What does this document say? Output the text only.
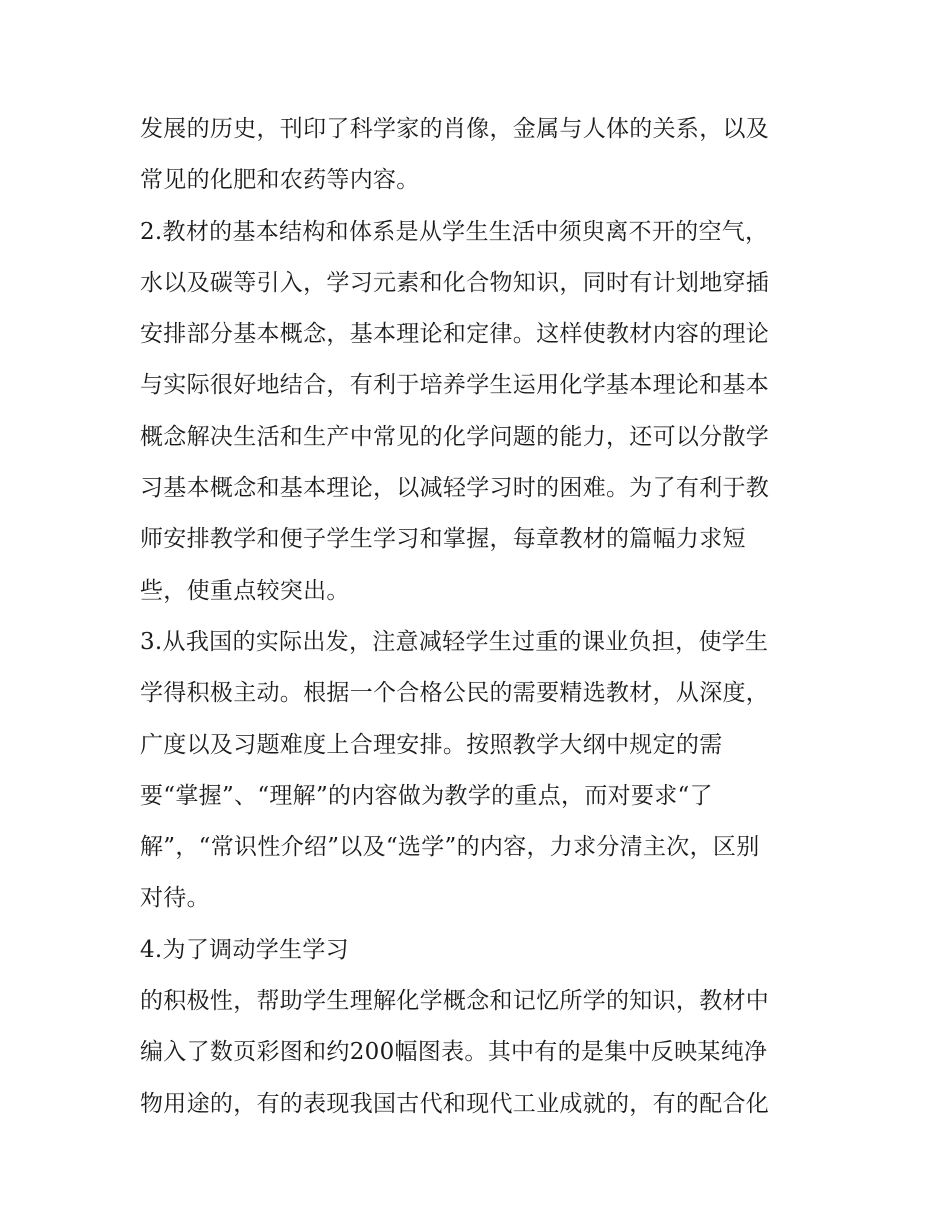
发展的历史，刊印了科学家的肖像，金属与人体的关系，以及
常见的化肥和农药等内容。
2.教材的基本结构和体系是从学生生活中须臾离不开的空气，
水以及碳等引入，学习元素和化合物知识，同时有计划地穿插
安排部分基本概念，基本理论和定律。这样使教材内容的理论
与实际很好地结合，有利于培养学生运用化学基本理论和基本
概念解决生活和生产中常见的化学问题的能力，还可以分散学
习基本概念和基本理论，以减轻学习时的困难。为了有利于教
师安排教学和便子学生学习和掌握，每章教材的篇幅力求短
些，使重点较突出。
3.从我国的实际出发，注意减轻学生过重的课业负担，使学生
学得积极主动。根据一个合格公民的需要精选教材，从深度，
广度以及习题难度上合理安排。按照教学大纲中规定的需
要“掌握”、“理解”的内容做为教学的重点，而对要求“了
解”，“常识性介绍”以及“选学”的内容，力求分清主次，区别
对待。
4.为了调动学生学习
的积极性，帮助学生理解化学概念和记忆所学的知识，教材中
编入了数页彩图和约200幅图表。其中有的是集中反映某纯净
物用途的，有的表现我国古代和现代工业成就的，有的配合化
